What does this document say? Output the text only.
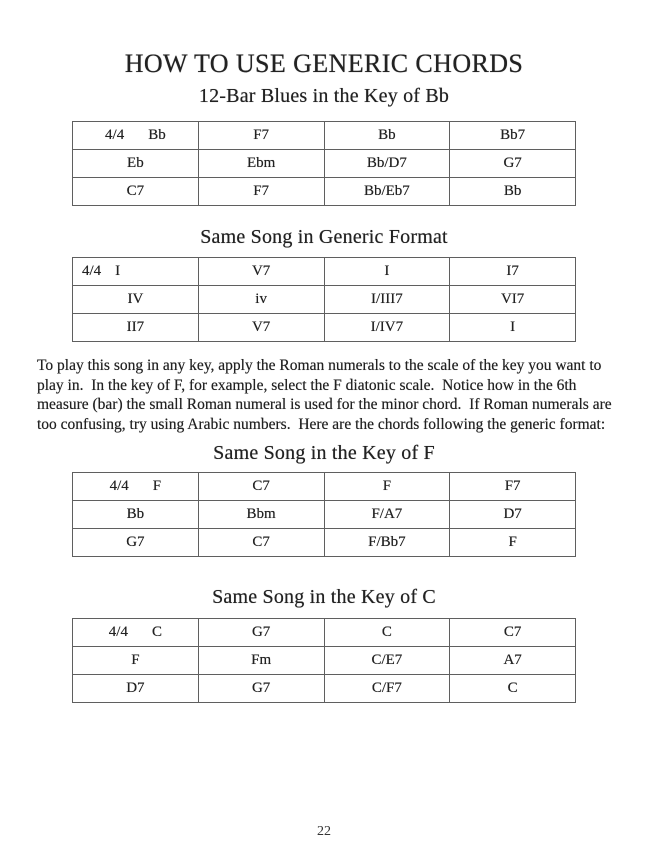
HOW TO USE GENERIC CHORDS
12-Bar Blues in the Key of Bb
4/4 Bb	F7	Bb	Bb7
Eb	Ebm	Bb/D7	G7
C7	F7	Bb/Eb7	Bb
Same Song in Generic Format
4/4 I	V7	I	I7
IV	iv	I/III7	VI7
II7	V7	I/IV7	I

To play this song in any key, apply the Roman numerals to the scale of the key you want to play in.  In the key of F, for example, select the F diatonic scale.  Notice how in the 6th measure (bar) the small Roman numeral is used for the minor chord.  If Roman numerals are too confusing, try using Arabic numbers.  Here are the chords following the generic format:

Same Song in the Key of F
4/4 F	C7	F	F7
Bb	Bbm	F/A7	D7
G7	C7	F/Bb7	F
Same Song in the Key of C
4/4 C	G7	C	C7
F	Fm	C/E7	A7
D7	G7	C/F7	C
22
